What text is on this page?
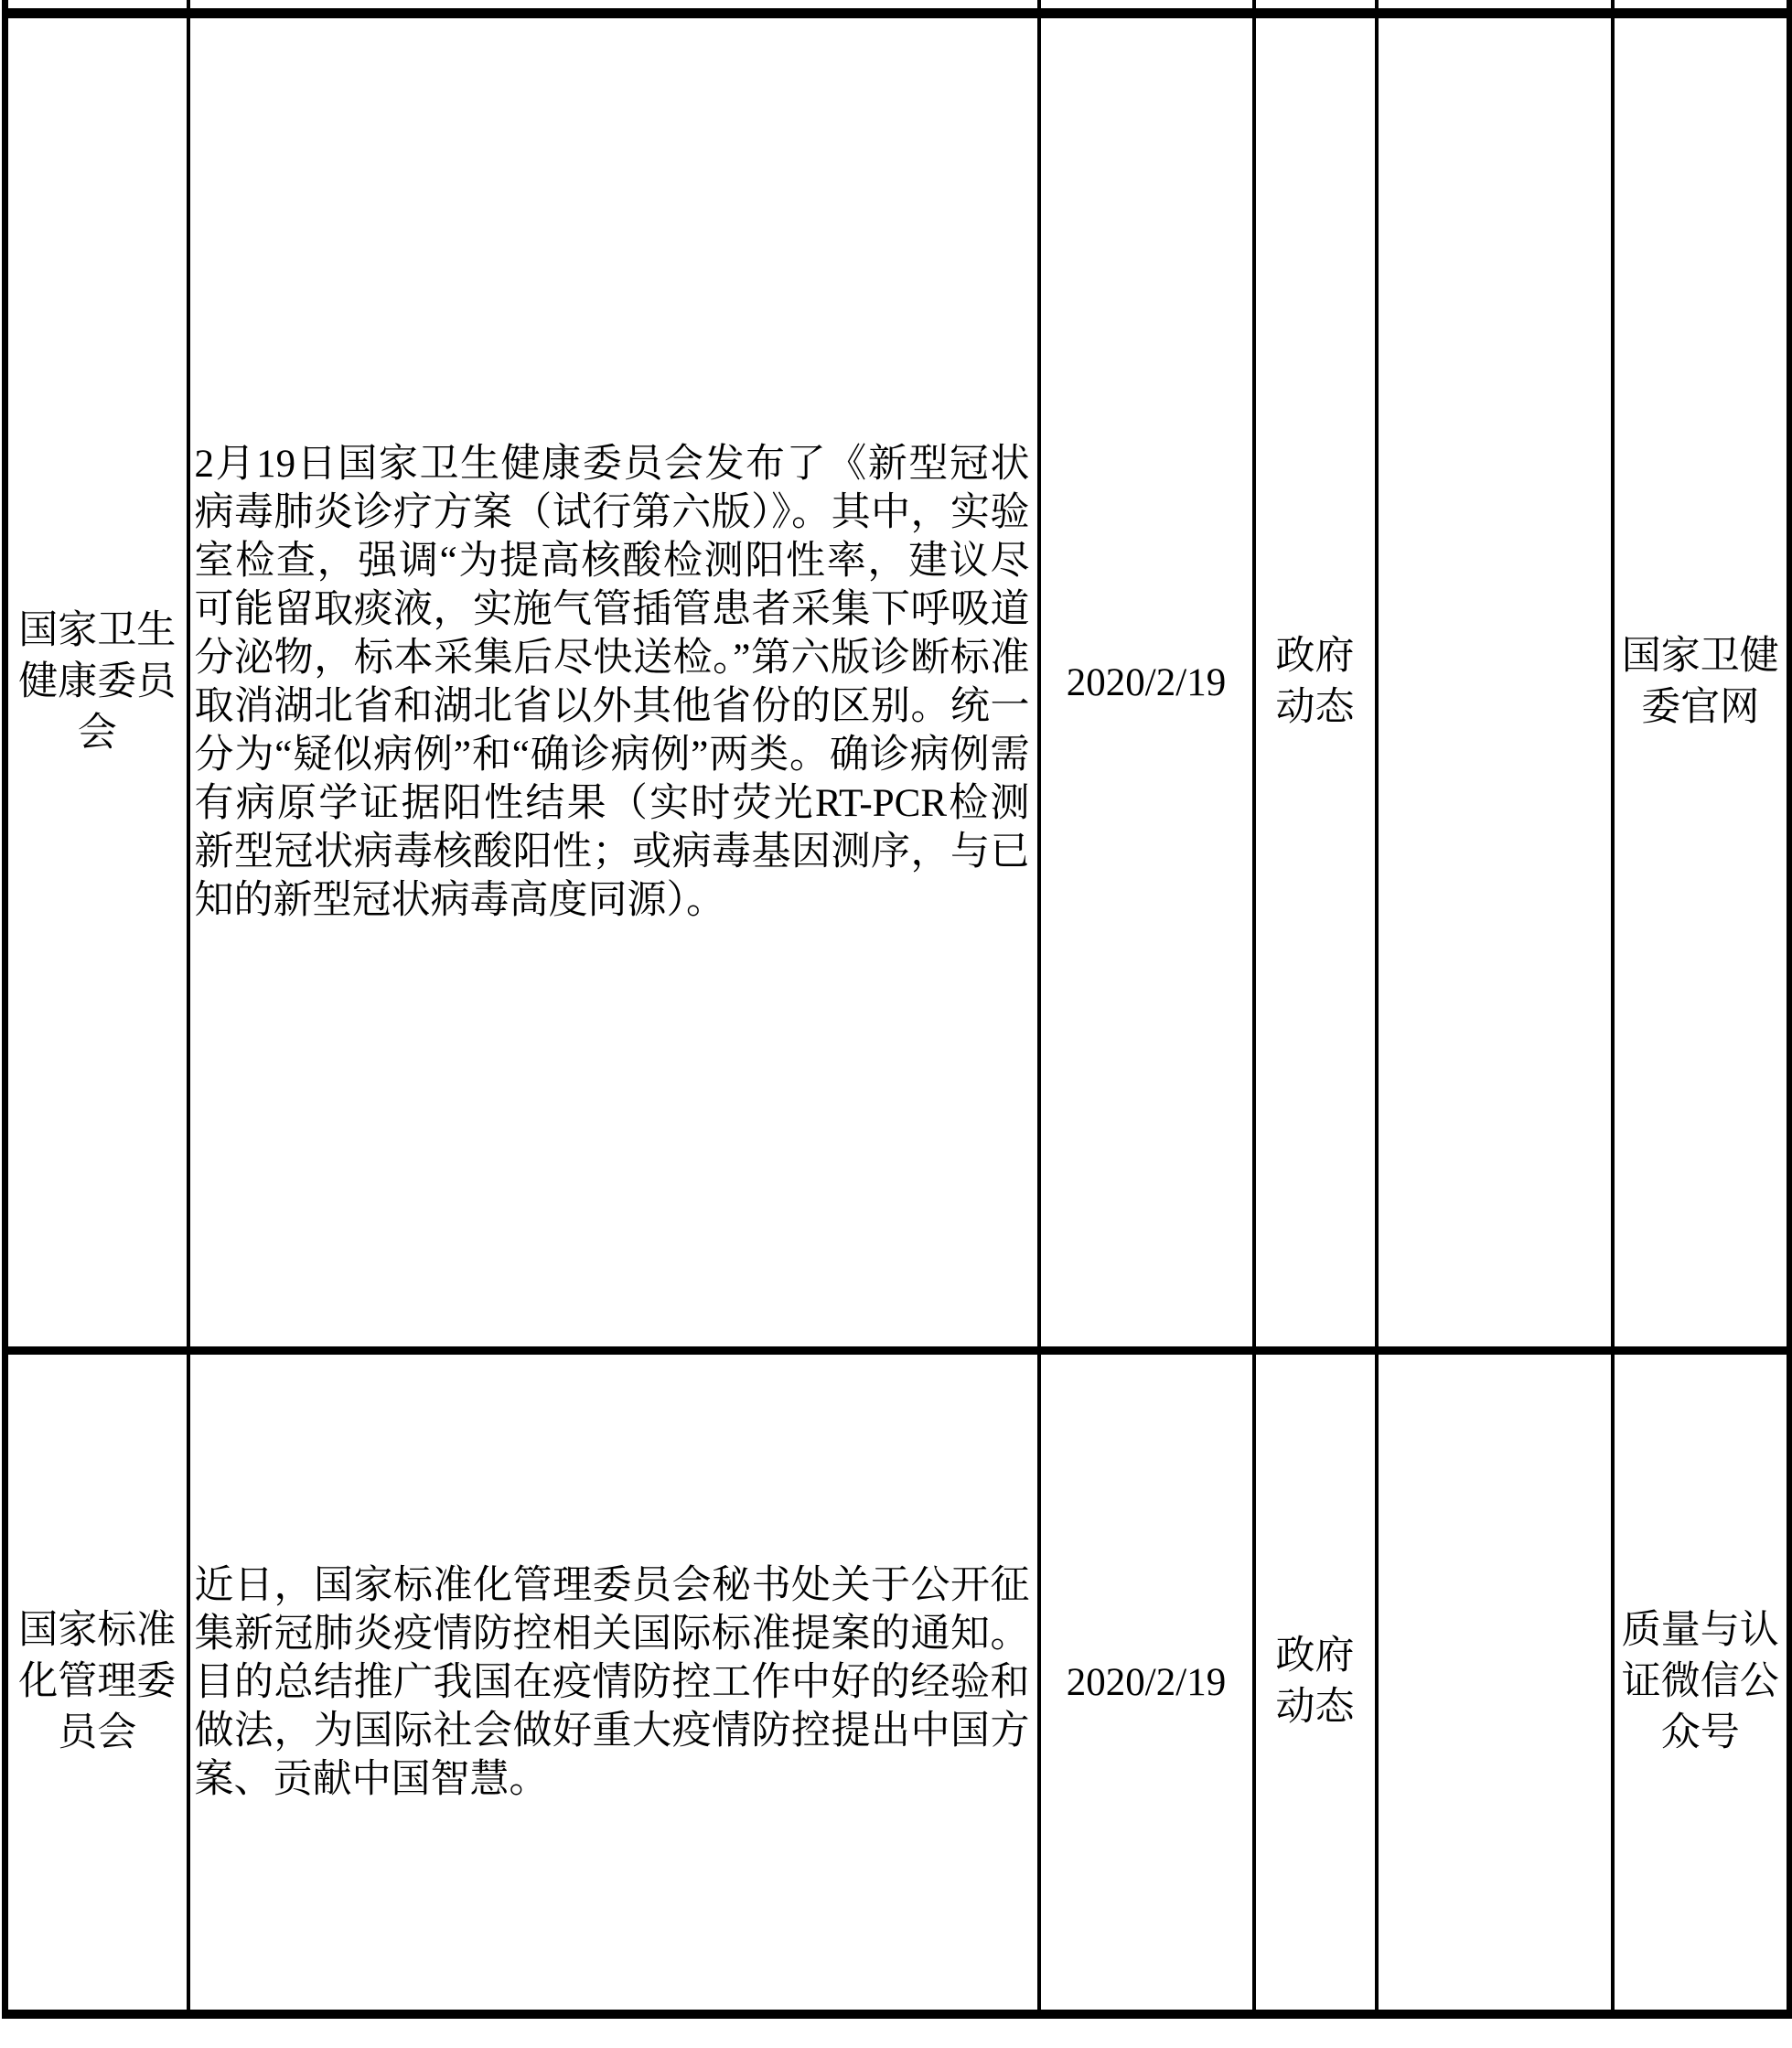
国家卫生健康委员会	2月19日国家卫生健康委员会发布了《新型冠状病毒肺炎诊疗方案（试行第六版）》。其中，实验室检查，强调“为提高核酸检测阳性率，建议尽可能留取痰液，实施气管插管患者采集下呼吸道分泌物，标本采集后尽快送检。”第六版诊断标准取消湖北省和湖北省以外其他省份的区别。统一分为“疑似病例”和“确诊病例”两类。确诊病例需有病原学证据阳性结果（实时荧光RT-PCR检测新型冠状病毒核酸阳性；或病毒基因测序，与已知的新型冠状病毒高度同源）。	2020/2/19	政府动态		国家卫健委官网

国家标准化管理委员会	近日，国家标准化管理委员会秘书处关于公开征集新冠肺炎疫情防控相关国际标准提案的通知。目的总结推广我国在疫情防控工作中好的经验和做法，为国际社会做好重大疫情防控提出中国方案、贡献中国智慧。	2020/2/19	政府动态		质量与认证微信公众号
